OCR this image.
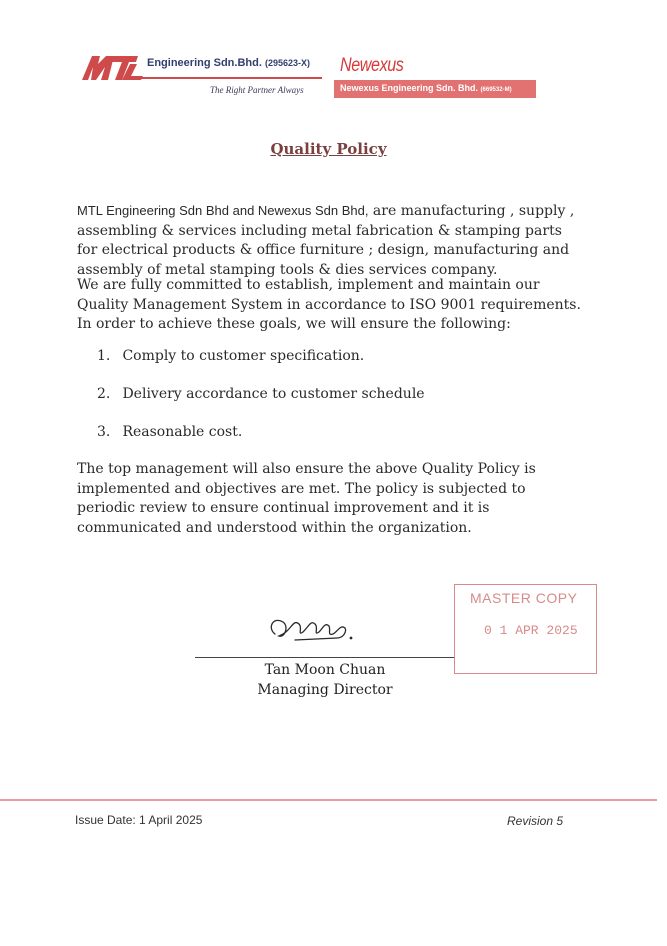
Engineering Sdn.Bhd. (295623-X)
The Right Partner Always
Newexus
Newexus Engineering Sdn. Bhd. (669532-M)
Quality Policy
MTL Engineering Sdn Bhd and Newexus Sdn Bhd, are manufacturing , supply , assembling & services including metal fabrication & stamping parts for electrical products & office furniture ; design, manufacturing and assembly of metal stamping tools & dies services company.
We are fully committed to establish, implement and maintain our Quality Management System in accordance to ISO 9001 requirements. In order to achieve these goals, we will ensure the following:
1. Comply to customer specification.
2. Delivery accordance to customer schedule
3. Reasonable cost.
The top management will also ensure the above Quality Policy is implemented and objectives are met. The policy is subjected to periodic review to ensure continual improvement and it is communicated and understood within the organization.
Tan Moon Chuan
Managing Director
MASTER COPY
0 1 APR 2025
Issue Date: 1 April 2025	Revision 5
